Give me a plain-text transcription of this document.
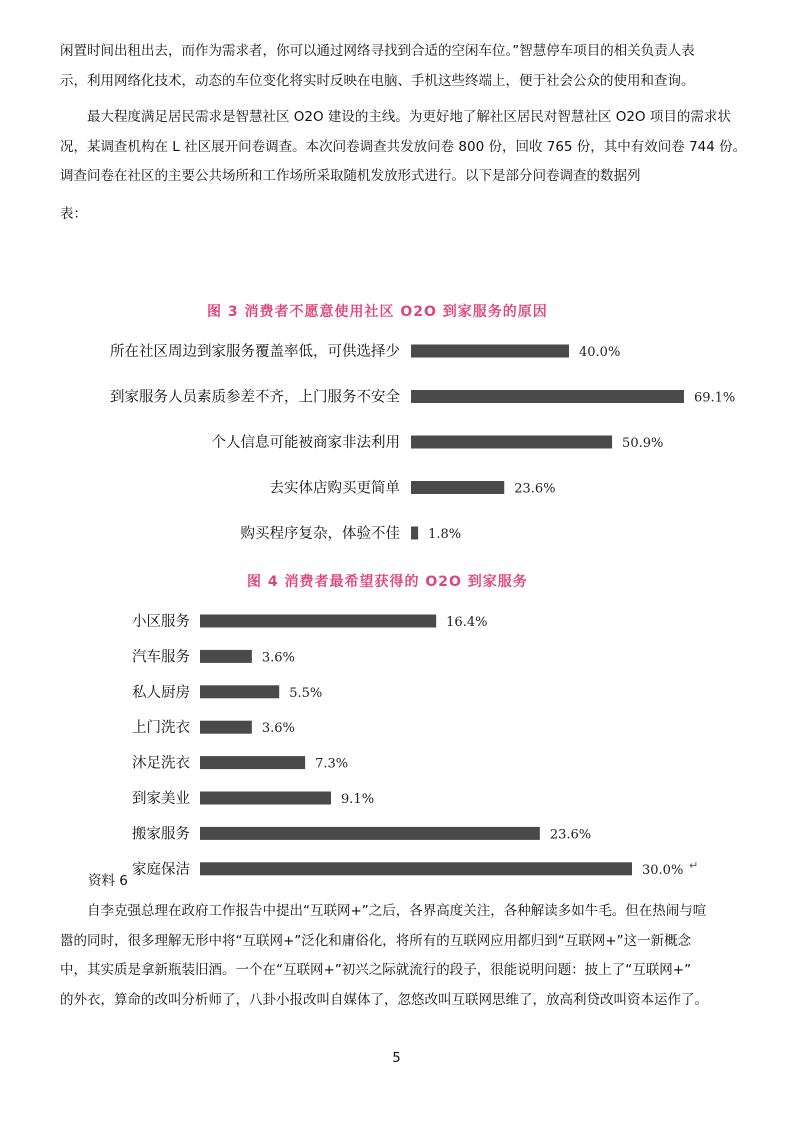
闲置时间出租出去，而作为需求者，你可以通过网络寻找到合适的空闲车位。”智慧停车项目的相关负责人表
示，利用网络化技术，动态的车位变化将实时反映在电脑、手机这些终端上，便于社会公众的使用和查询。
最大程度满足居民需求是智慧社区 O2O 建设的主线。为更好地了解社区居民对智慧社区 O2O 项目的需求状
况，某调查机构在 L 社区展开问卷调查。本次问卷调查共发放问卷 800 份，回收 765 份，其中有效问卷 744 份。
调查问卷在社区的主要公共场所和工作场所采取随机发放形式进行。以下是部分问卷调查的数据列
表：
图 3 消费者不愿意使用社区 O2O 到家服务的原因
所在社区周边到家服务覆盖率低，可供选择少	40.0%
到家服务人员素质参差不齐，上门服务不安全	69.1%
个人信息可能被商家非法利用	50.9%
去实体店购买更简单	23.6%
购买程序复杂，体验不佳 1.8%
图 4 消费者最希望获得的 O2O 到家服务
小区服务	16.4%
汽车服务	3.6%
私人厨房	5.5%
上门洗衣	3.6%
沐足洗衣	7.3%
到家美业	9.1%
搬家服务	23.6%
家庭保洁	30.0% ↵
资料 6
自李克强总理在政府工作报告中提出“互联网+”之后，各界高度关注，各种解读多如牛毛。但在热闹与喧
嚣的同时，很多理解无形中将“互联网+”泛化和庸俗化，将所有的互联网应用都归到“互联网+”这一新概念
中，其实质是拿新瓶装旧酒。一个在“互联网+”初兴之际就流行的段子，很能说明问题：披上了“互联网+”
的外衣，算命的改叫分析师了，八卦小报改叫自媒体了，忽悠改叫互联网思维了，放高利贷改叫资本运作了。
5
